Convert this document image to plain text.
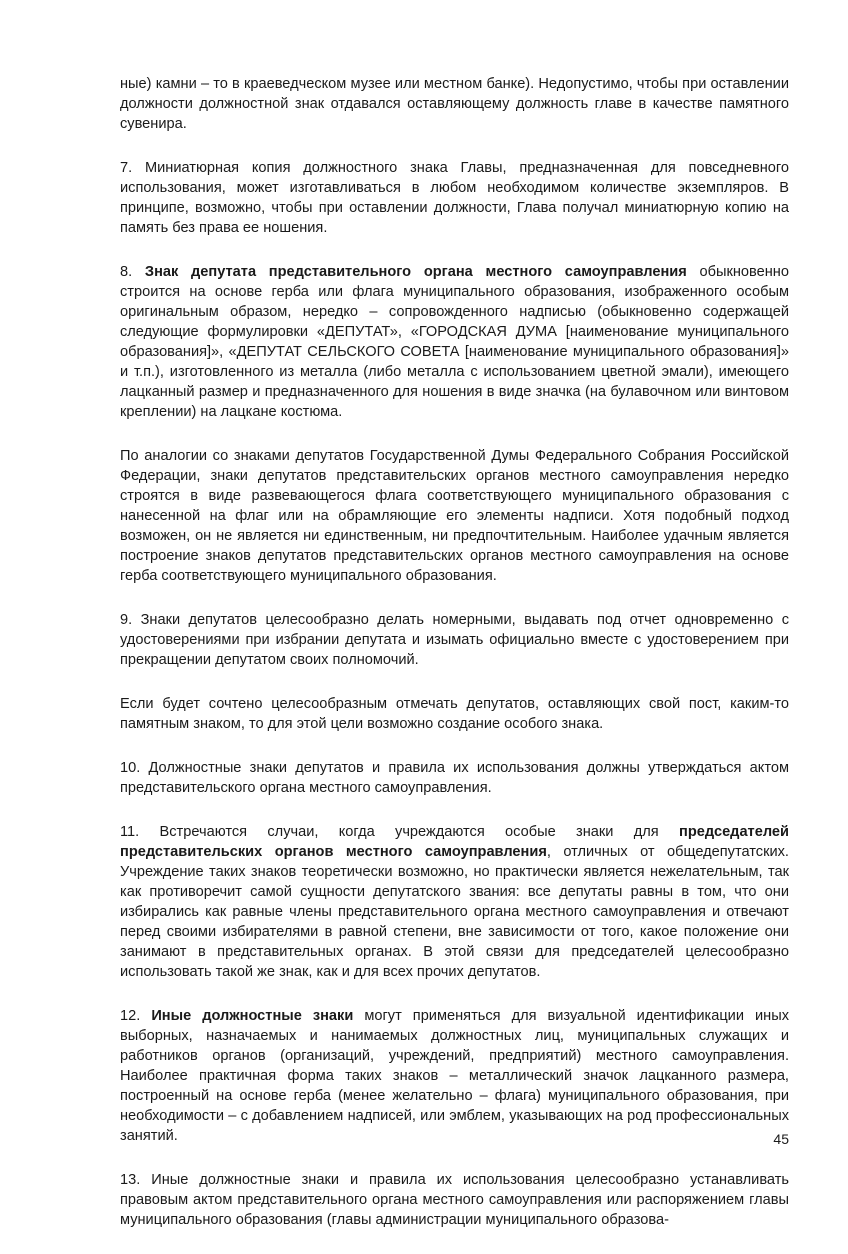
ные) камни – то в краеведческом музее или местном банке). Недопустимо, чтобы при оставлении должности должностной знак отдавался оставляющему должность главе в качестве памятного сувенира.

7. Миниатюрная копия должностного знака Главы, предназначенная для повседневного использования, может изготавливаться в любом необходимом количестве экземпляров. В принципе, возможно, чтобы при оставлении должности, Глава получал миниатюрную копию на память без права ее ношения.

8. Знак депутата представительного органа местного самоуправления обыкновенно строится на основе герба или флага муниципального образования, изображенного особым оригинальным образом, нередко – сопровожденного надписью (обыкновенно содержащей следующие формулировки «ДЕПУТАТ», «ГОРОДСКАЯ ДУМА [наименование муниципального образования]», «ДЕПУТАТ СЕЛЬСКОГО СОВЕТА [наименование муниципального образования]» и т.п.), изготовленного из металла (либо металла с использованием цветной эмали), имеющего лацканный размер и предназначенного для ношения в виде значка (на булавочном или винтовом креплении) на лацкане костюма.

По аналогии со знаками депутатов Государственной Думы Федерального Собрания Российской Федерации, знаки депутатов представительских органов местного самоуправления нередко строятся в виде развевающегося флага соответствующего муниципального образования с нанесенной на флаг или на обрамляющие его элементы надписи. Хотя подобный подход возможен, он не является ни единственным, ни предпочтительным. Наиболее удачным является построение знаков депутатов представительских органов местного самоуправления на основе герба соответствующего муниципального образования.

9. Знаки депутатов целесообразно делать номерными, выдавать под отчет одновременно с удостоверениями при избрании депутата и изымать официально вместе с удостоверением при прекращении депутатом своих полномочий.

Если будет сочтено целесообразным отмечать депутатов, оставляющих свой пост, каким-то памятным знаком, то для этой цели возможно создание особого знака.

10. Должностные знаки депутатов и правила их использования должны утверждаться актом представительского органа местного самоуправления.

11. Встречаются случаи, когда учреждаются особые знаки для председателей представительских органов местного самоуправления, отличных от общедепутатских. Учреждение таких знаков теоретически возможно, но практически является нежелательным, так как противоречит самой сущности депутатского звания: все депутаты равны в том, что они избирались как равные члены представительного органа местного самоуправления и отвечают перед своими избирателями в равной степени, вне зависимости от того, какое положение они занимают в представительных органах. В этой связи для председателей целесообразно использовать такой же знак, как и для всех прочих депутатов.

12. Иные должностные знаки могут применяться для визуальной идентификации иных выборных, назначаемых и нанимаемых должностных лиц, муниципальных служащих и работников органов (организаций, учреждений, предприятий) местного самоуправления. Наиболее практичная форма таких знаков – металлический значок лацканного размера, построенный на основе герба (менее желательно – флага) муниципального образования, при необходимости – с добавлением надписей, или эмблем, указывающих на род профессиональных занятий.

13. Иные должностные знаки и правила их использования целесообразно устанавливать правовым актом представительного органа местного самоуправления или распоряжением главы муниципального образования (главы администрации муниципального образова-

45
